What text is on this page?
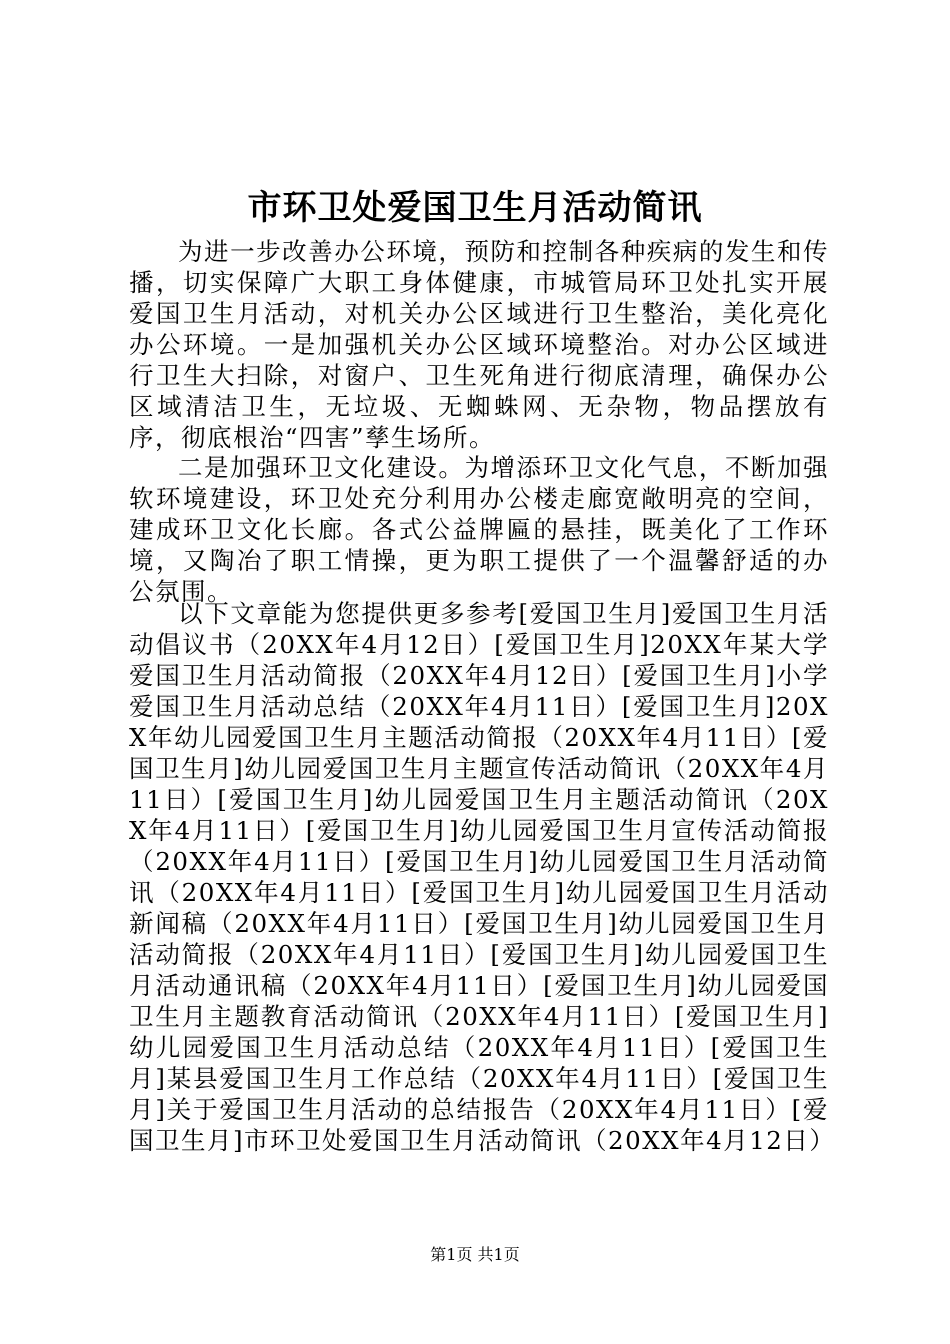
市环卫处爱国卫生月活动简讯

为进一步改善办公环境，预防和控制各种疾病的发生和传播，切实保障广大职工身体健康，市城管局环卫处扎实开展爱国卫生月活动，对机关办公区域进行卫生整治，美化亮化办公环境。一是加强机关办公区域环境整治。对办公区域进行卫生大扫除，对窗户、卫生死角进行彻底清理，确保办公区域清洁卫生，无垃圾、无蜘蛛网、无杂物，物品摆放有序，彻底根治“四害”孳生场所。

二是加强环卫文化建设。为增添环卫文化气息，不断加强软环境建设，环卫处充分利用办公楼走廊宽敞明亮的空间，建成环卫文化长廊。各式公益牌匾的悬挂，既美化了工作环境，又陶冶了职工情操，更为职工提供了一个温馨舒适的办公氛围。

以下文章能为您提供更多参考[爱国卫生月]爱国卫生月活动倡议书（20XX年4月12日）[爱国卫生月]20XX年某大学爱国卫生月活动简报（20XX年4月12日）[爱国卫生月]小学爱国卫生月活动总结（20XX年4月11日）[爱国卫生月]20XX年幼儿园爱国卫生月主题活动简报（20XX年4月11日）[爱国卫生月]幼儿园爱国卫生月主题宣传活动简讯（20XX年4月11日）[爱国卫生月]幼儿园爱国卫生月主题活动简讯（20XX年4月11日）[爱国卫生月]幼儿园爱国卫生月宣传活动简报（20XX年4月11日）[爱国卫生月]幼儿园爱国卫生月活动简讯（20XX年4月11日）[爱国卫生月]幼儿园爱国卫生月活动新闻稿（20XX年4月11日）[爱国卫生月]幼儿园爱国卫生月活动简报（20XX年4月11日）[爱国卫生月]幼儿园爱国卫生月活动通讯稿（20XX年4月11日）[爱国卫生月]幼儿园爱国卫生月主题教育活动简讯（20XX年4月11日）[爱国卫生月]幼儿园爱国卫生月活动总结（20XX年4月11日）[爱国卫生月]某县爱国卫生月工作总结（20XX年4月11日）[爱国卫生月]关于爱国卫生月活动的总结报告（20XX年4月11日）[爱国卫生月]市环卫处爱国卫生月活动简讯（20XX年4月12日）

第1页 共1页
